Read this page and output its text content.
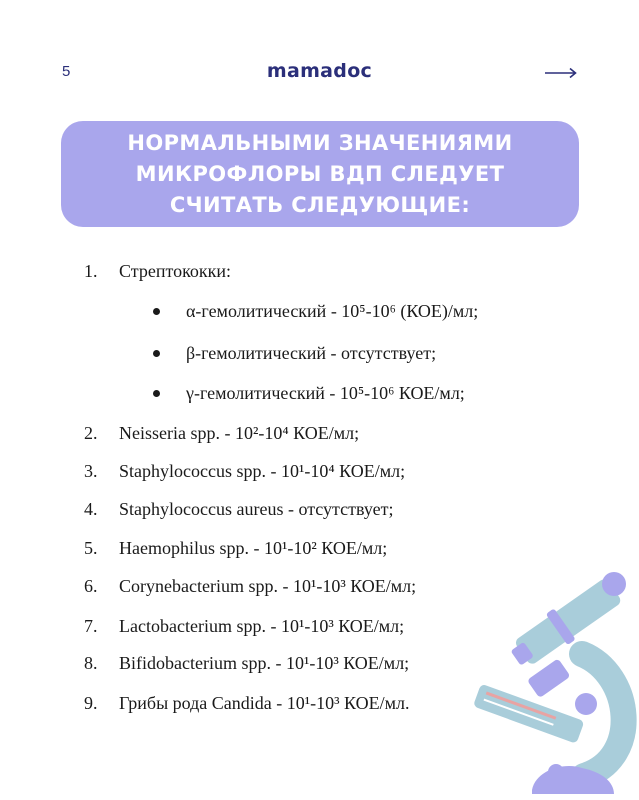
5	mamadoc

НОРМАЛЬНЫМИ ЗНАЧЕНИЯМИ
МИКРОФЛОРЫ ВДП СЛЕДУЕТ
СЧИТАТЬ СЛЕДУЮЩИЕ:

1. Стрептококки:
α-гемолитический - 10⁵-10⁶ (КОЕ)/мл;
β-гемолитический - отсутствует;
γ-гемолитический - 10⁵-10⁶ КОЕ/мл;
2. Neisseria spp. - 10²-10⁴ КОЕ/мл;
3. Staphylococcus spp. - 10¹-10⁴ КОЕ/мл;
4. Staphylococcus aureus - отсутствует;
5. Haemophilus spp. - 10¹-10² КОЕ/мл;
6. Corynebacterium spp. - 10¹-10³ КОЕ/мл;
7. Lactobacterium spp. - 10¹-10³ КОЕ/мл;
8. Bifidobacterium spp. - 10¹-10³ КОЕ/мл;
9. Грибы рода Candida - 10¹-10³ КОЕ/мл.
